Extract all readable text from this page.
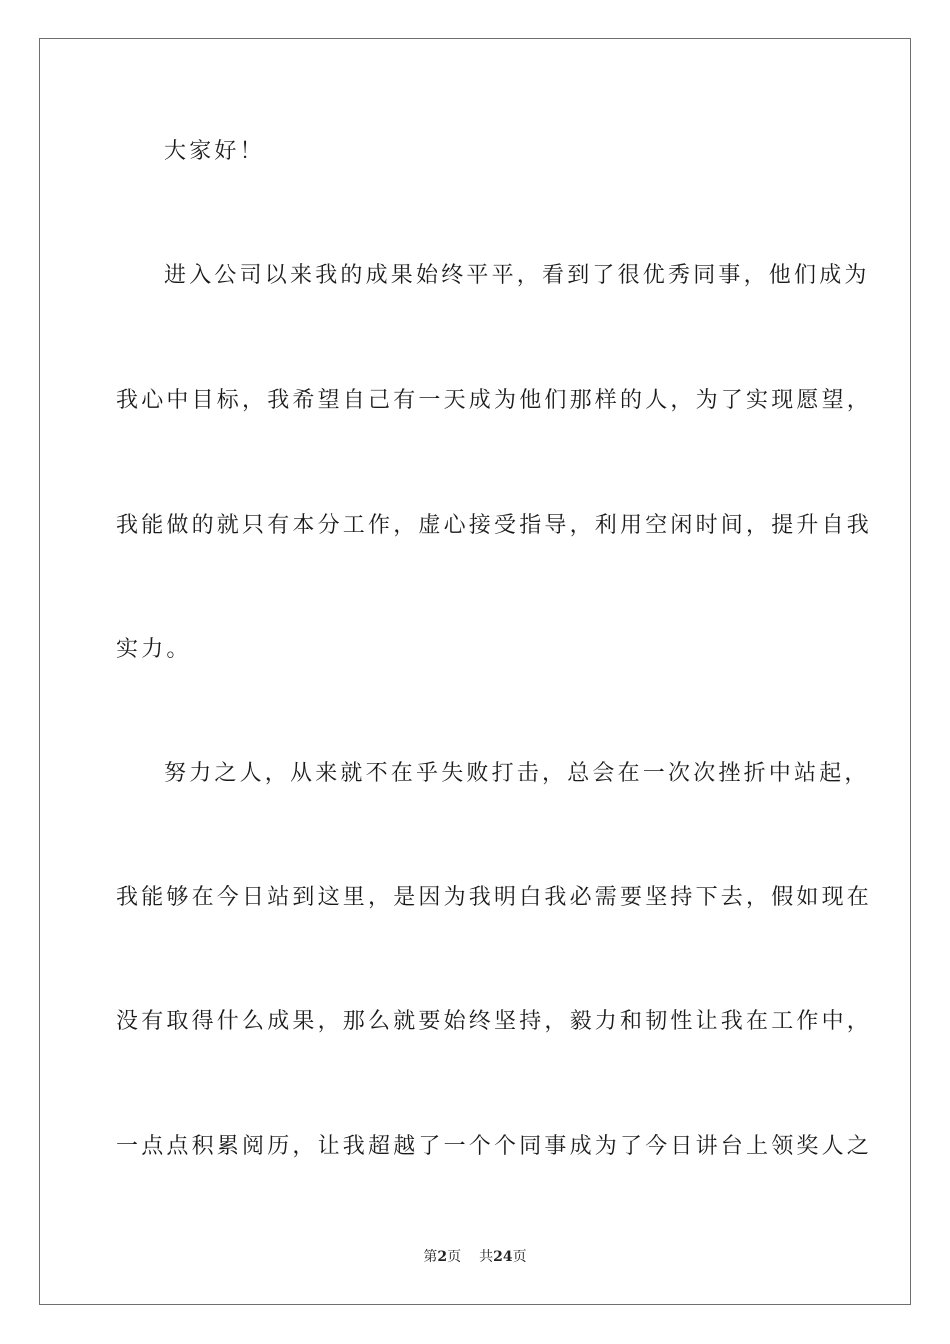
大家好！
进入公司以来我的成果始终平平，看到了很优秀同事，他们成为
我心中目标，我希望自己有一天成为他们那样的人，为了实现愿望，
我能做的就只有本分工作，虚心接受指导，利用空闲时间，提升自我
实力。
努力之人，从来就不在乎失败打击，总会在一次次挫折中站起，
我能够在今日站到这里，是因为我明白我必需要坚持下去，假如现在
没有取得什么成果，那么就要始终坚持，毅力和韧性让我在工作中，
一点点积累阅历，让我超越了一个个同事成为了今日讲台上领奖人之
第2页 共24页
